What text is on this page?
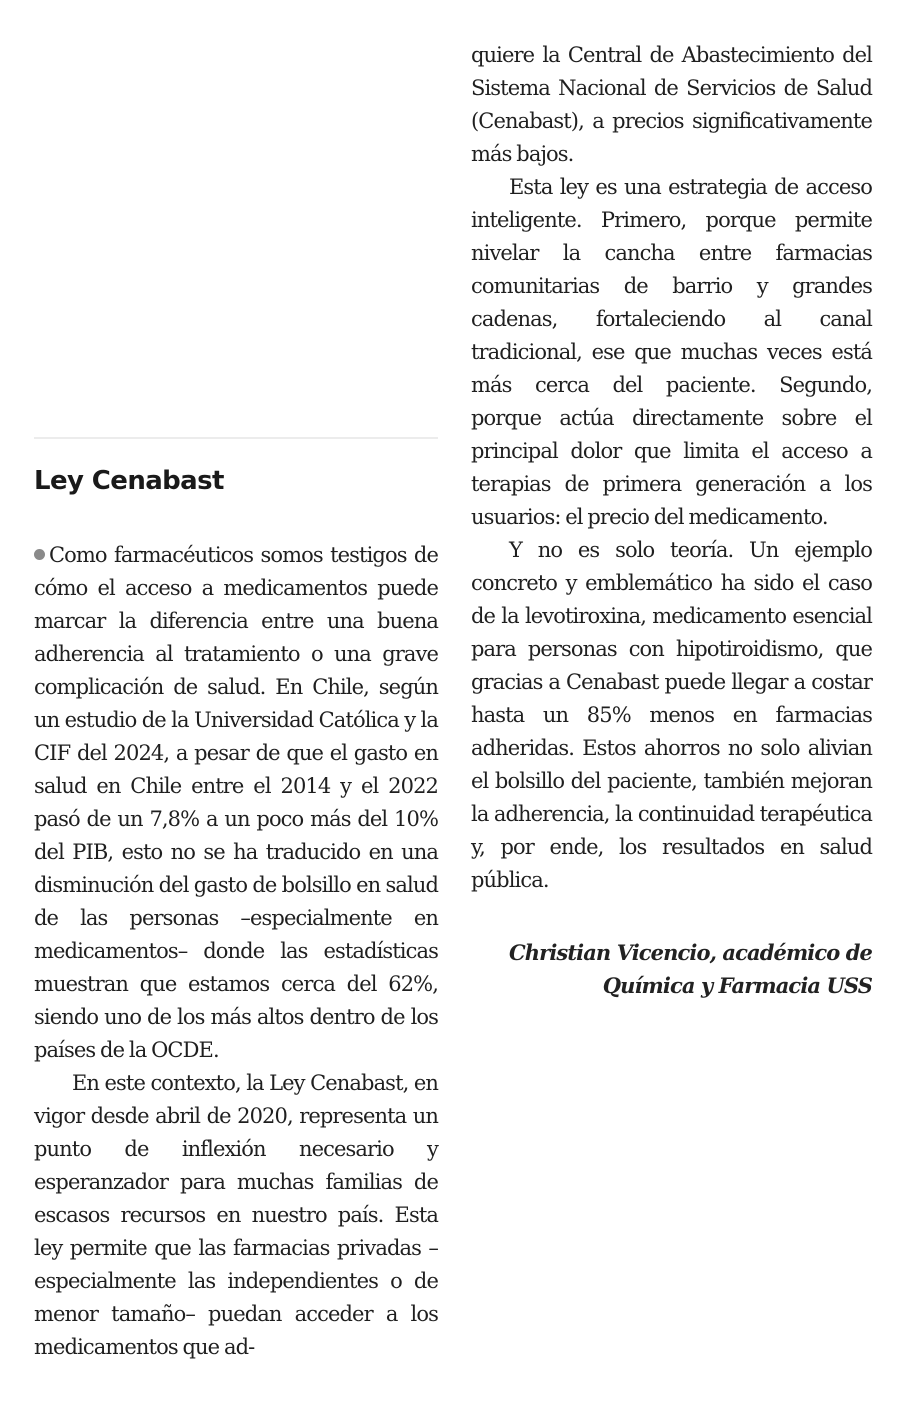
Ley Cenabast

Como farmacéuticos somos testigos de cómo el acceso a medicamentos puede marcar la diferencia entre una buena adherencia al tratamiento o una grave complicación de salud. En Chile, según un estudio de la Universidad Católica y la CIF del 2024, a pesar de que el gasto en salud en Chile entre el 2014 y el 2022 pasó de un 7,8% a un poco más del 10% del PIB, esto no se ha traducido en una disminución del gasto de bolsillo en salud de las personas –especialmente en medicamentos– donde las estadísticas muestran que estamos cerca del 62%, siendo uno de los más altos dentro de los países de la OCDE.

En este contexto, la Ley Cenabast, en vigor desde abril de 2020, representa un punto de inflexión necesario y esperanzador para muchas familias de escasos recursos en nuestro país. Esta ley permite que las farmacias privadas –especialmente las independientes o de menor tamaño– puedan acceder a los medicamentos que ad-

quiere la Central de Abastecimiento del Sistema Nacional de Servicios de Salud (Cenabast), a precios significativamente más bajos.

Esta ley es una estrategia de acceso inteligente. Primero, porque permite nivelar la cancha entre farmacias comunitarias de barrio y grandes cadenas, fortaleciendo al canal tradicional, ese que muchas veces está más cerca del paciente. Segundo, porque actúa directamente sobre el principal dolor que limita el acceso a terapias de primera generación a los usuarios: el precio del medicamento.

Y no es solo teoría. Un ejemplo concreto y emblemático ha sido el caso de la levotiroxina, medicamento esencial para personas con hipotiroidismo, que gracias a Cenabast puede llegar a costar hasta un 85% menos en farmacias adheridas. Estos ahorros no solo alivian el bolsillo del paciente, también mejoran la adherencia, la continuidad terapéutica y, por ende, los resultados en salud pública.

Christian Vicencio, académico de
Química y Farmacia USS
